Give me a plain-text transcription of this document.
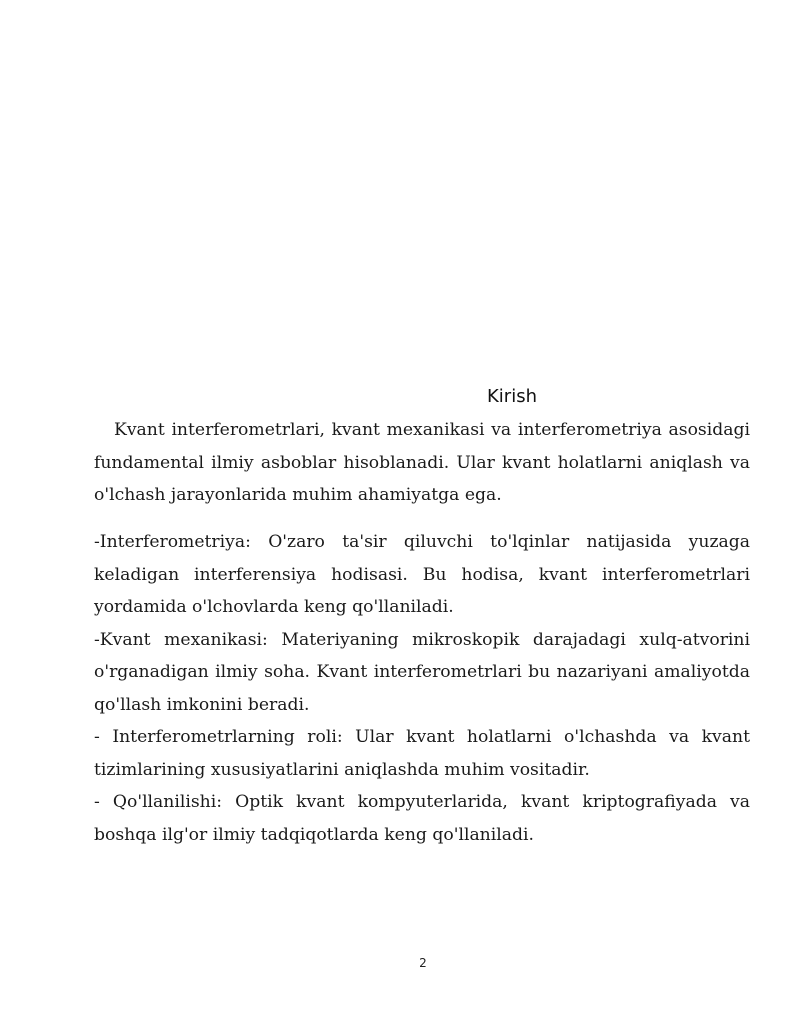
Kirish

Kvant interferometrlari, kvant mexanikasi va interferometriya asosidagi fundamental ilmiy asboblar hisoblanadi. Ular kvant holatlarni aniqlash va o'lchash jarayonlarida muhim ahamiyatga ega.

-Interferometriya: O'zaro ta'sir qiluvchi to'lqinlar natijasida yuzaga keladigan interferensiya hodisasi. Bu hodisa, kvant interferometrlari yordamida o'lchovlarda keng qo'llaniladi.

-Kvant mexanikasi: Materiyaning mikroskopik darajadagi xulq-atvorini o'rganadigan ilmiy soha. Kvant interferometrlari bu nazariyani amaliyotda qo'llash imkonini beradi.

- Interferometrlarning roli: Ular kvant holatlarni o'lchashda va kvant tizimlarining xususiyatlarini aniqlashda muhim vositadir.

- Qo'llanilishi: Optik kvant kompyuterlarida, kvant kriptografiyada va boshqa ilg'or ilmiy tadqiqotlarda keng qo'llaniladi.

2
